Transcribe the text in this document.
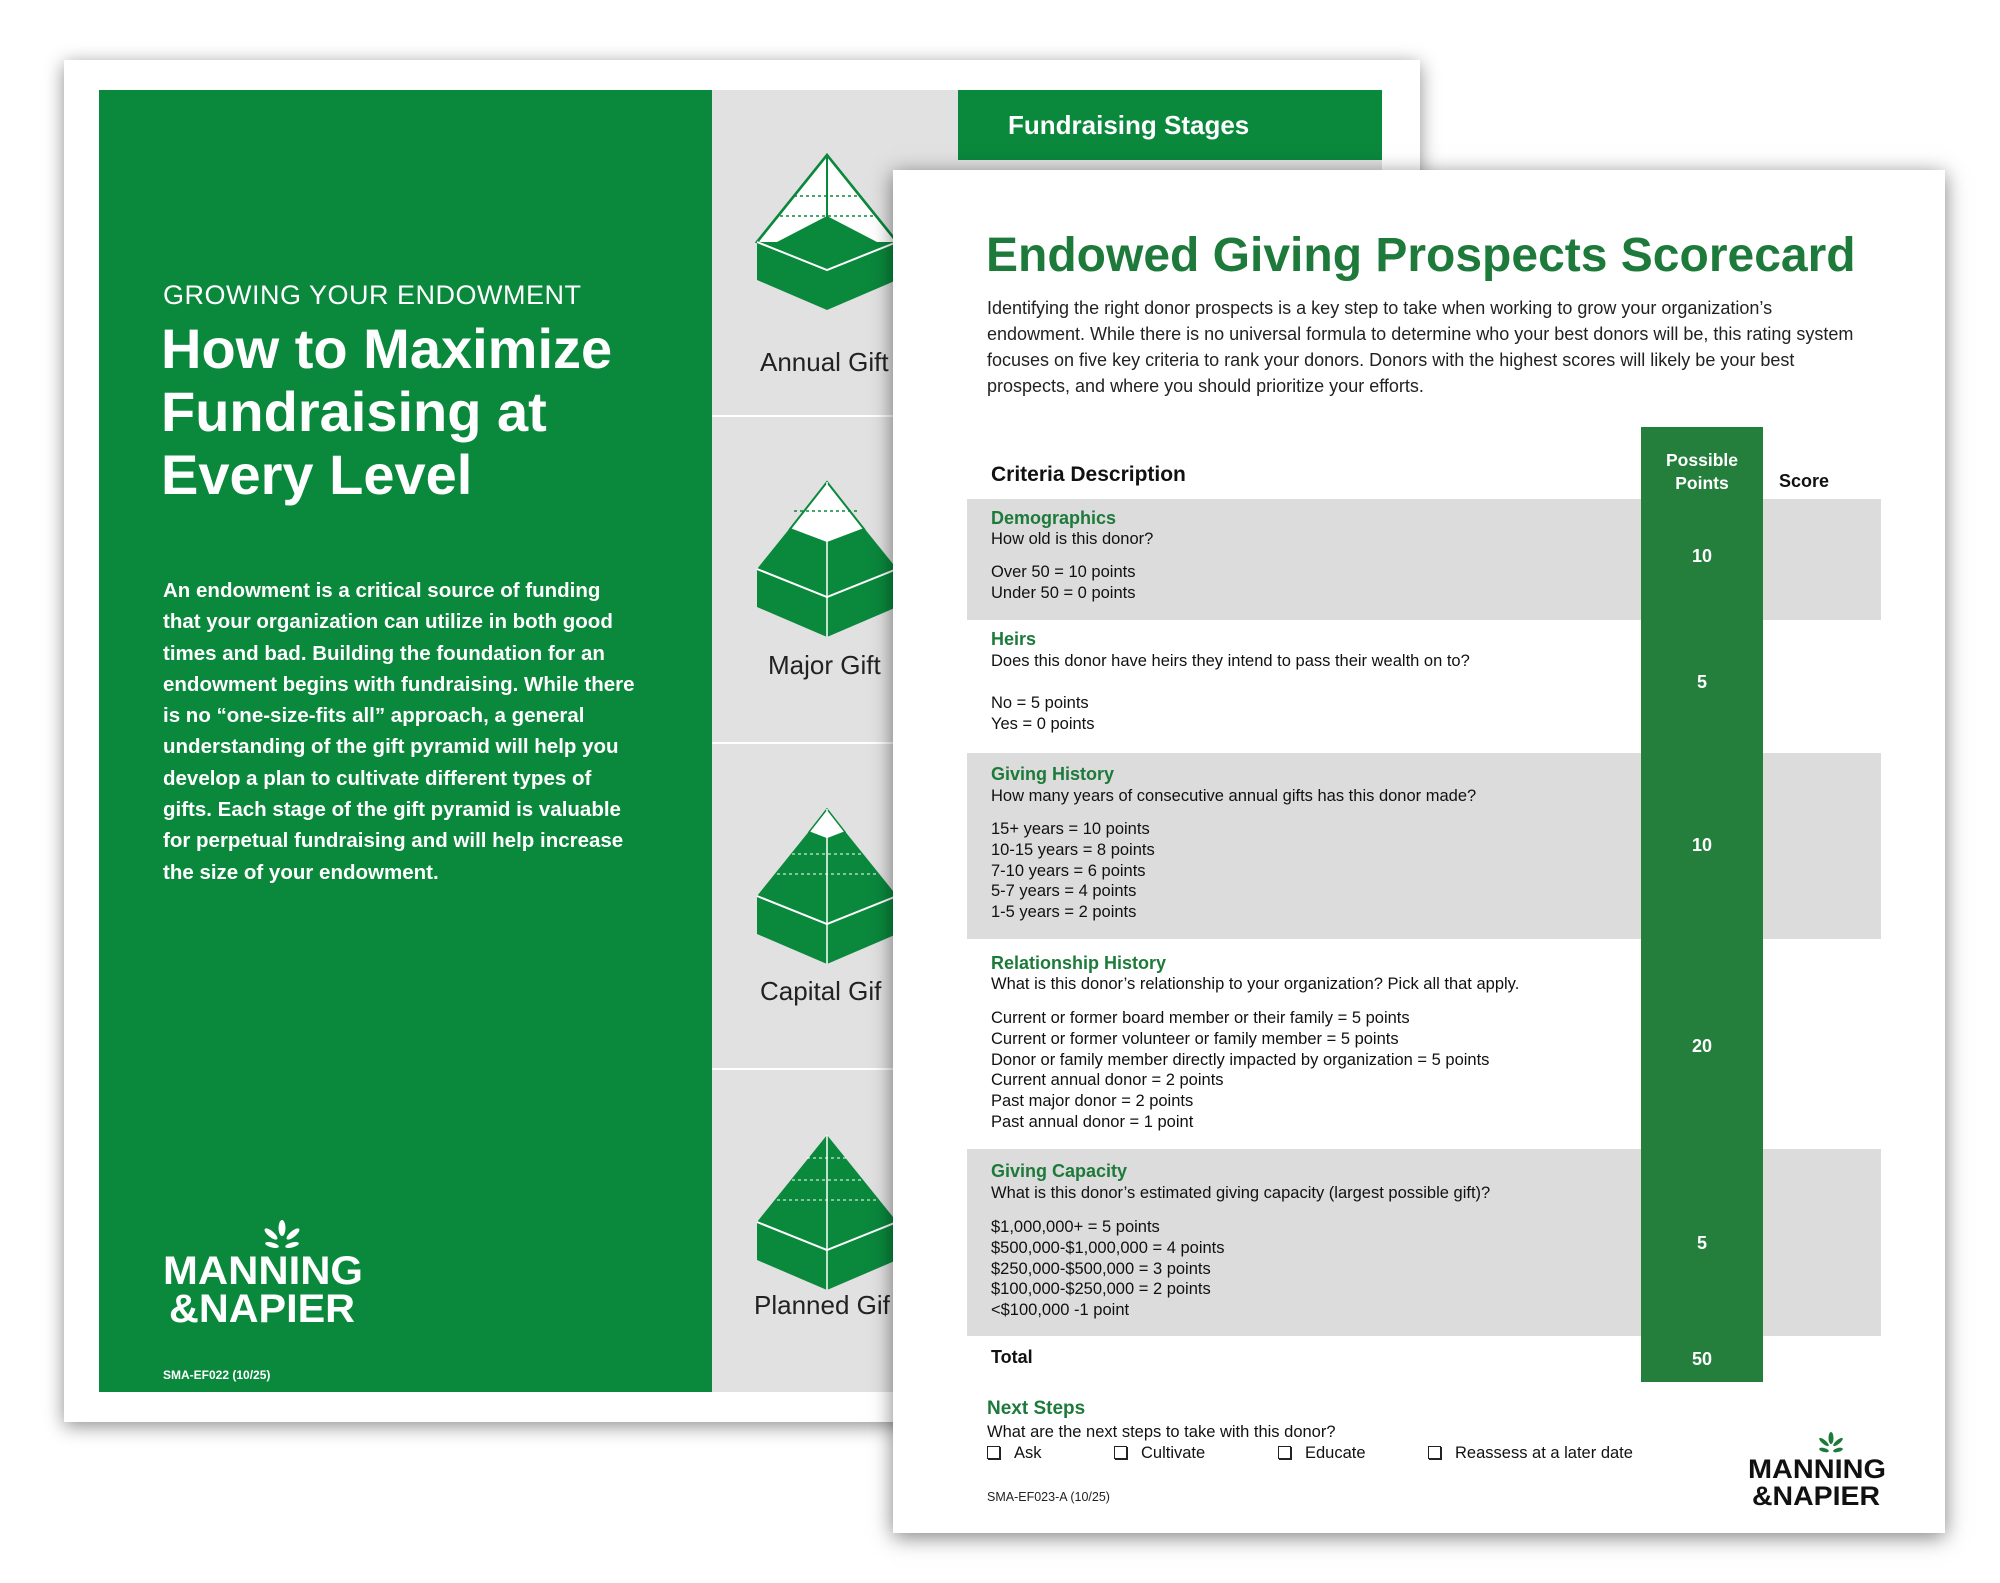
GROWING YOUR ENDOWMENT
How to Maximize Fundraising at Every Level
An endowment is a critical source of funding that your organization can utilize in both good times and bad. Building the foundation for an endowment begins with fundraising. While there is no “one-size-fits all” approach, a general understanding of the gift pyramid will help you develop a plan to cultivate different types of gifts. Each stage of the gift pyramid is valuable for perpetual fundraising and will help increase the size of your endowment.
MANNING
&NAPIER
SMA-EF022 (10/25)
Annual Gift
Major Gift
Capital Gif
Planned Gif
Fundraising Stages
Endowed Giving Prospects Scorecard
Identifying the right donor prospects is a key step to take when working to grow your organization’s endowment. While there is no universal formula to determine who your best donors will be, this rating system focuses on five key criteria to rank your donors. Donors with the highest scores will likely be your best prospects, and where you should prioritize your efforts.
Possible
Points
Criteria Description	Score
Demographics
How old is this donor?
Over 50 = 10 points
Under 50 = 0 points
10
Heirs
Does this donor have heirs they intend to pass their wealth on to?
No = 5 points
Yes = 0 points
5
Giving History
How many years of consecutive annual gifts has this donor made?
15+ years = 10 points
10-15 years = 8 points
7-10 years = 6 points
5-7 years = 4 points
1-5 years = 2 points
10
Relationship History
What is this donor’s relationship to your organization? Pick all that apply.
Current or former board member or their family = 5 points
Current or former volunteer or family member = 5 points
Donor or family member directly impacted by organization = 5 points
Current annual donor = 2 points
Past major donor = 2 points
Past annual donor = 1 point
20
Giving Capacity
What is this donor’s estimated giving capacity (largest possible gift)?
$1,000,000+ = 5 points
$500,000-$1,000,000 = 4 points
$250,000-$500,000 = 3 points
$100,000-$250,000 = 2 points
<$100,000 -1 point
5
Total	50
Next Steps
What are the next steps to take with this donor?
Ask	Cultivate	Educate	Reassess at a later date
SMA-EF023-A (10/25)
MANNING
&NAPIER
